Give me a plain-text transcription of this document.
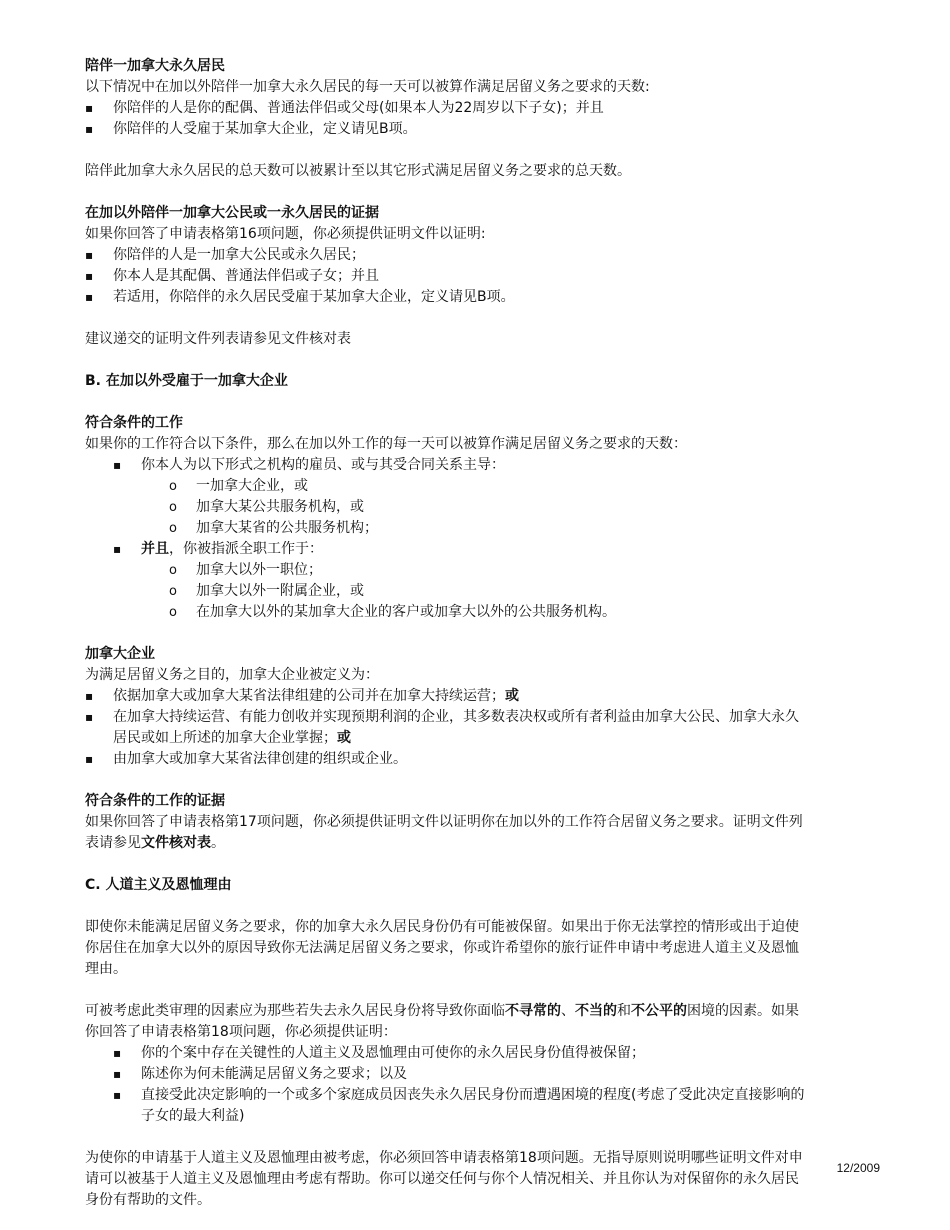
陪伴一加拿大永久居民

以下情况中在加以外陪伴一加拿大永久居民的每一天可以被算作满足居留义务之要求的天数:

▪ 你陪伴的人是你的配偶、普通法伴侣或父母(如果本人为22周岁以下子女)；并且
▪ 你陪伴的人受雇于某加拿大企业，定义请见B项。

陪伴此加拿大永久居民的总天数可以被累计至以其它形式满足居留义务之要求的总天数。

在加以外陪伴一加拿大公民或一永久居民的证据

如果你回答了申请表格第16项问题，你必须提供证明文件以证明:

▪ 你陪伴的人是一加拿大公民或永久居民；
▪ 你本人是其配偶、普通法伴侣或子女；并且
▪ 若适用，你陪伴的永久居民受雇于某加拿大企业，定义请见B项。

建议递交的证明文件列表请参见文件核对表

B. 在加以外受雇于一加拿大企业

符合条件的工作

如果你的工作符合以下条件，那么在加以外工作的每一天可以被算作满足居留义务之要求的天数：

▪ 你本人为以下形式之机构的雇员、或与其受合同关系主导：
o 一加拿大企业，或
o 加拿大某公共服务机构，或
o 加拿大某省的公共服务机构；
▪ 并且，你被指派全职工作于：
o 加拿大以外一职位；
o 加拿大以外一附属企业，或
o 在加拿大以外的某加拿大企业的客户或加拿大以外的公共服务机构。

加拿大企业

为满足居留义务之目的，加拿大企业被定义为：

▪ 依据加拿大或加拿大某省法律组建的公司并在加拿大持续运营；或
▪ 在加拿大持续运营、有能力创收并实现预期利润的企业，其多数表决权或所有者利益由加拿大公民、加拿大永久
居民或如上所述的加拿大企业掌握；或
▪ 由加拿大或加拿大某省法律创建的组织或企业。

符合条件的工作的证据

如果你回答了申请表格第17项问题，你必须提供证明文件以证明你在加以外的工作符合居留义务之要求。证明文件列
表请参见文件核对表。

C. 人道主义及恩恤理由

即使你未能满足居留义务之要求，你的加拿大永久居民身份仍有可能被保留。如果出于你无法掌控的情形或出于迫使
你居住在加拿大以外的原因导致你无法满足居留义务之要求，你或许希望你的旅行证件申请中考虑进人道主义及恩恤
理由。

可被考虑此类审理的因素应为那些若失去永久居民身份将导致你面临不寻常的、不当的和不公平的困境的因素。如果
你回答了申请表格第18项问题，你必须提供证明：

▪ 你的个案中存在关键性的人道主义及恩恤理由可使你的永久居民身份值得被保留；
▪ 陈述你为何未能满足居留义务之要求；以及
▪ 直接受此决定影响的一个或多个家庭成员因丧失永久居民身份而遭遇困境的程度(考虑了受此决定直接影响的
子女的最大利益)

为使你的申请基于人道主义及恩恤理由被考虑，你必须回答申请表格第18项问题。无指导原则说明哪些证明文件对申
请可以被基于人道主义及恩恤理由考虑有帮助。你可以递交任何与你个人情况相关、并且你认为对保留你的永久居民
身份有帮助的文件。

12/2009
